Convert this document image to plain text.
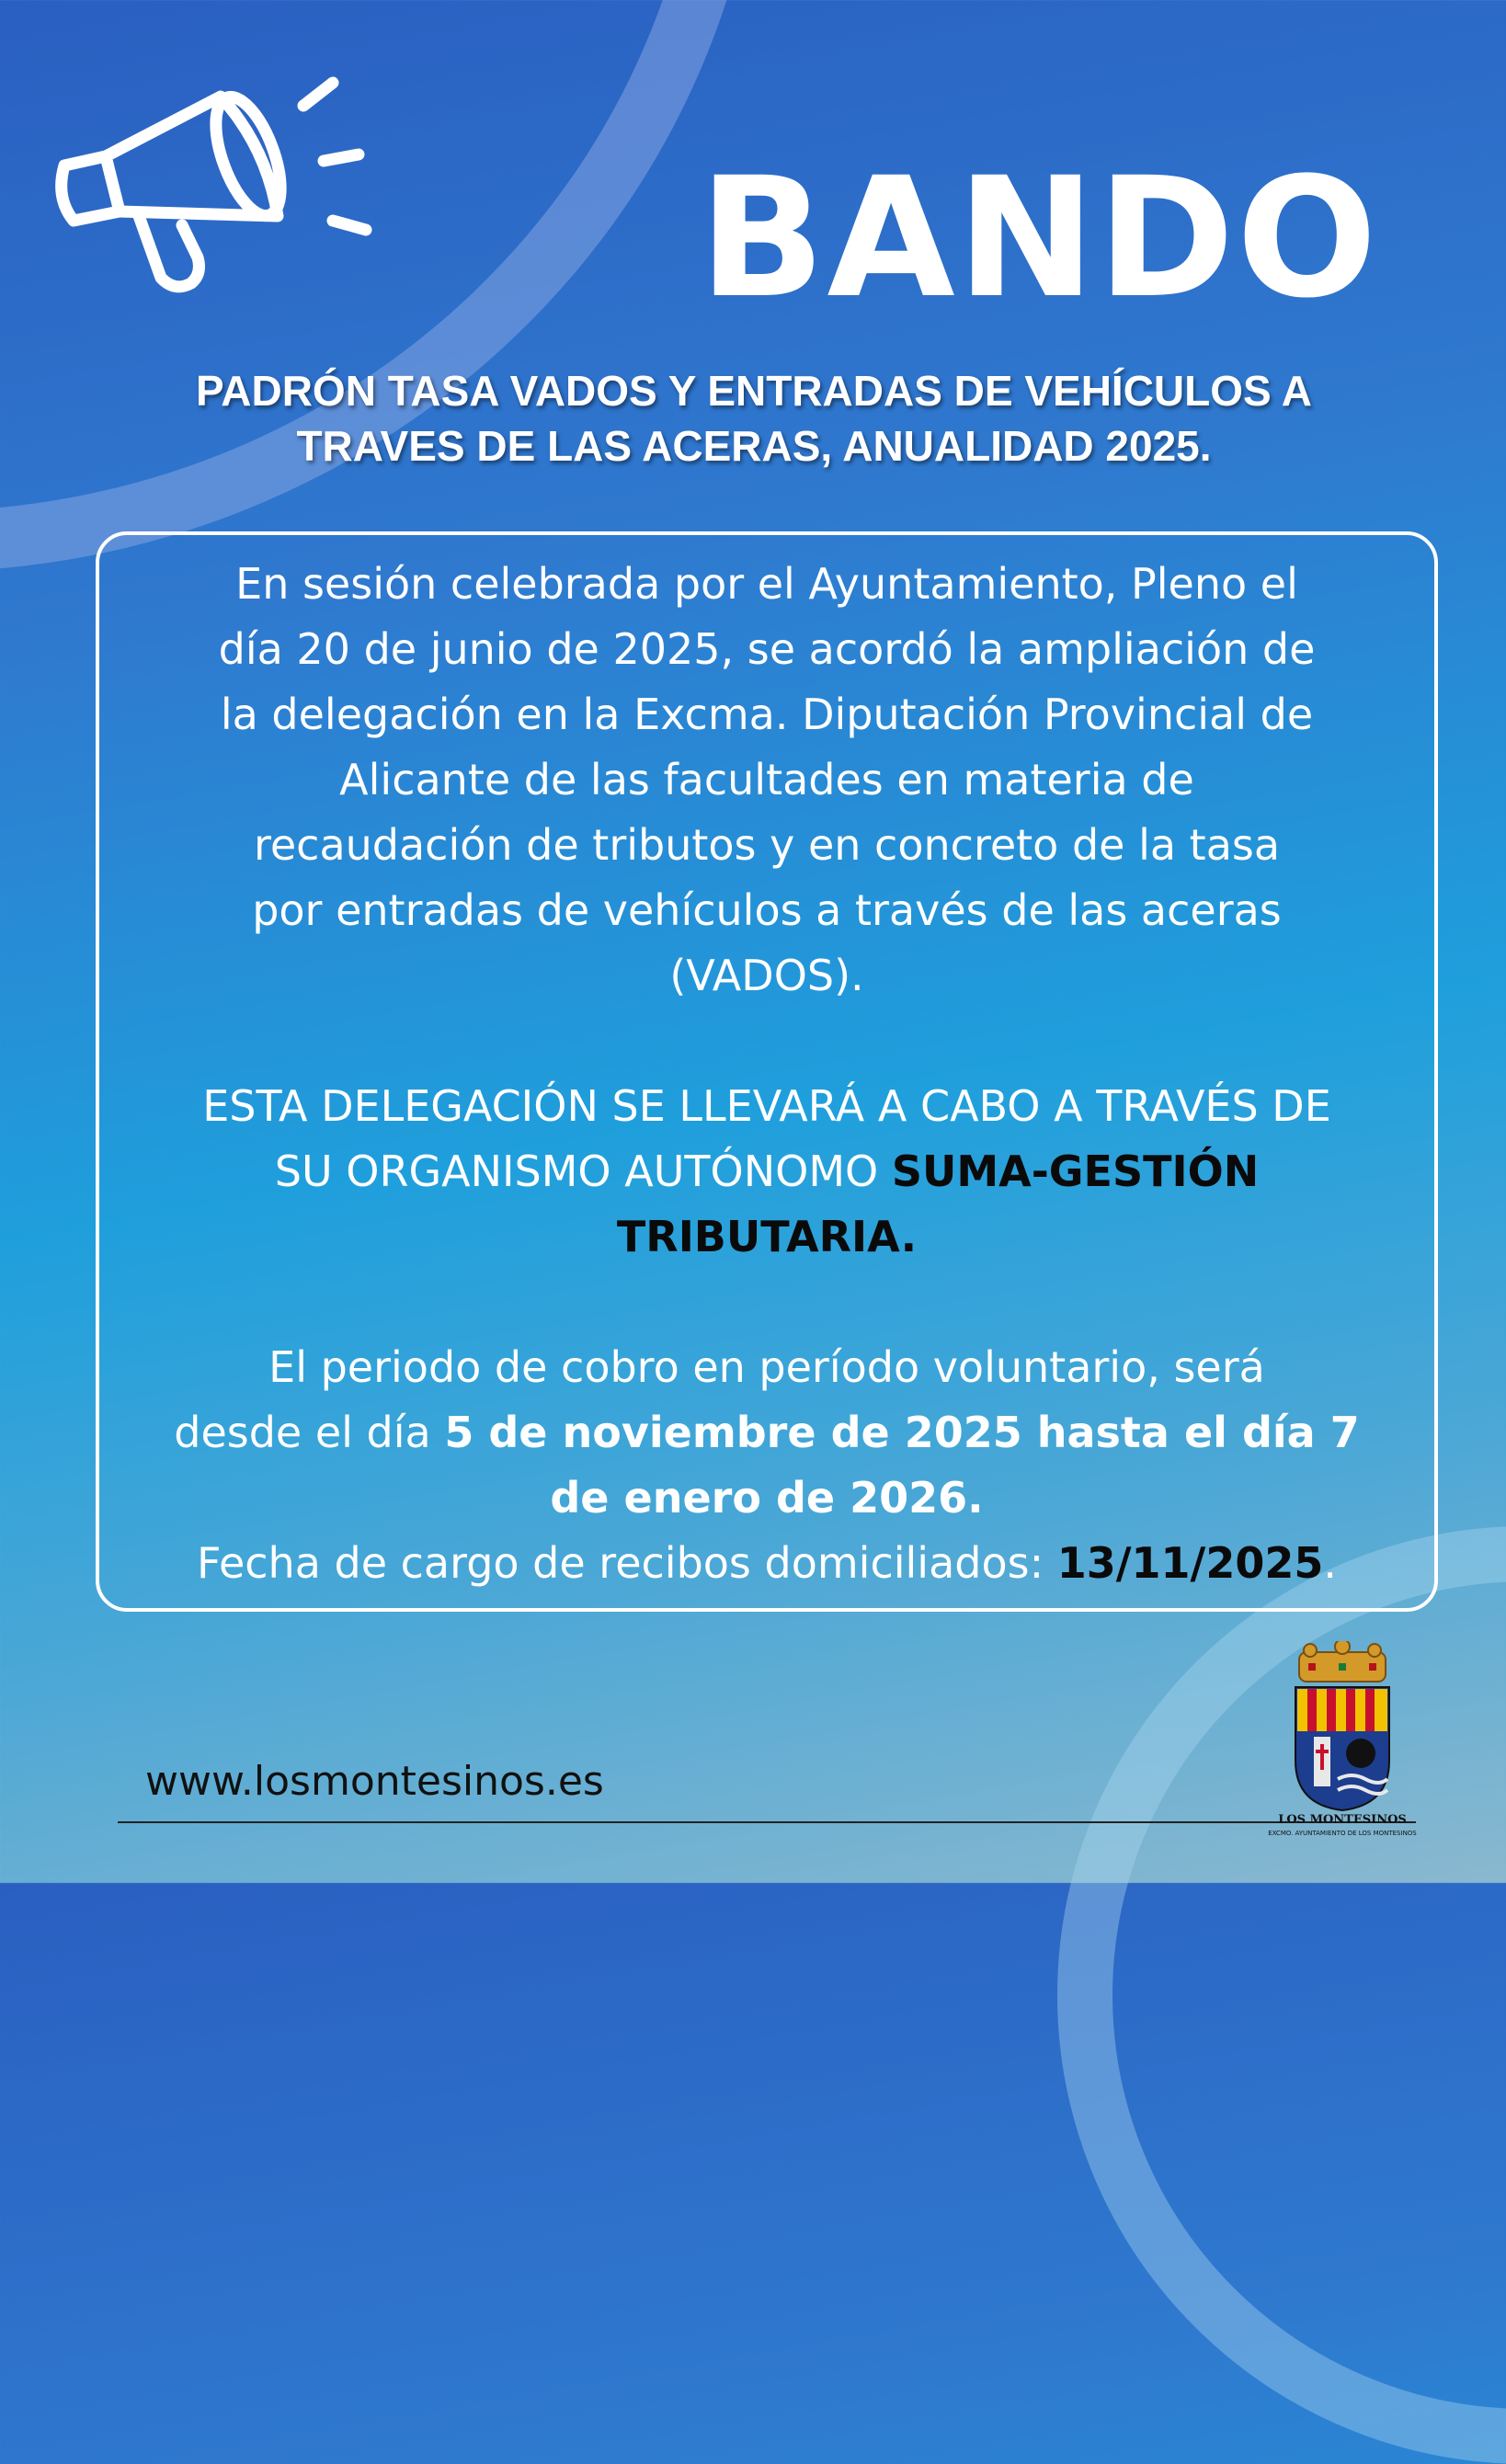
BANDO
PADRÓN TASA VADOS Y ENTRADAS DE VEHÍCULOS A
TRAVES DE LAS ACERAS, ANUALIDAD 2025.

En sesión celebrada por el Ayuntamiento, Pleno el

día 20 de junio de 2025, se acordó la ampliación de

la delegación en la Excma. Diputación Provincial de

Alicante de las facultades en materia de

recaudación de tributos y en concreto de la tasa

por entradas de vehículos a través de las aceras

(VADOS).

ESTA DELEGACIÓN SE LLEVARÁ A CABO A TRAVÉS DE

SU ORGANISMO AUTÓNOMO SUMA-GESTIÓN

TRIBUTARIA.

El periodo de cobro en período voluntario, será

desde el día 5 de noviembre de 2025 hasta el día 7

de enero de 2026.

Fecha de cargo de recibos domiciliados: 13/11/2025.

www.losmontesinos.es
LOS MONTESINOS
EXCMO. AYUNTAMIENTO DE LOS MONTESINOS
